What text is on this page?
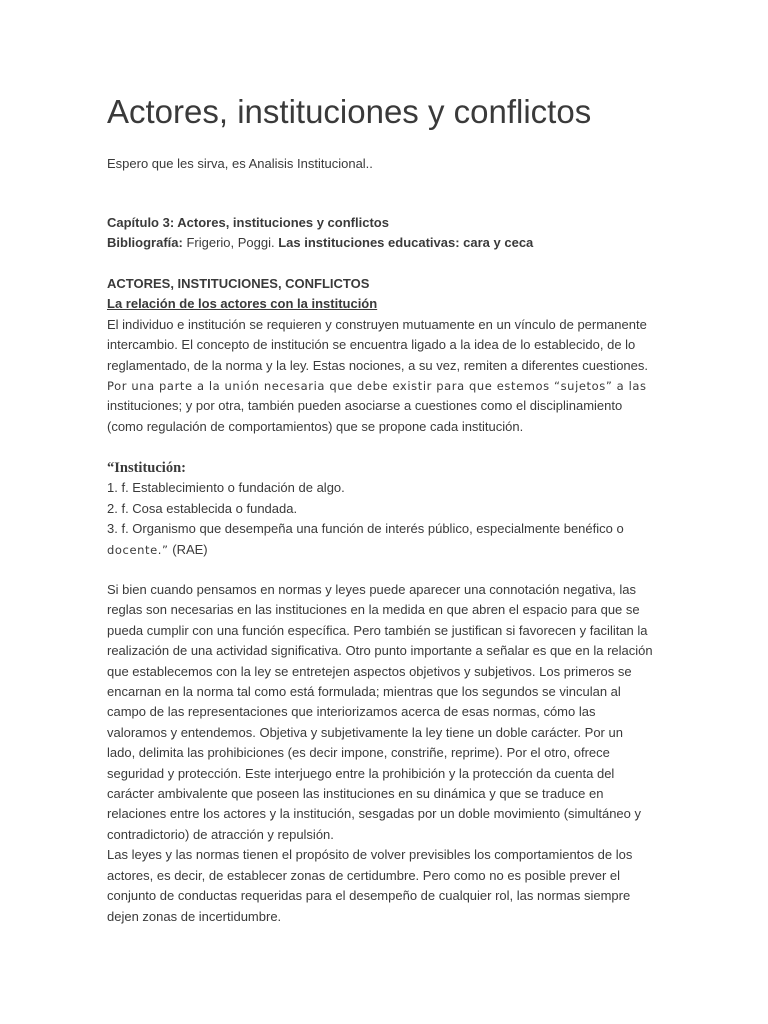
Actores, instituciones y conflictos
Espero que les sirva, es Analisis Institucional..
Capítulo 3: Actores, instituciones y conflictos
Bibliografía: Frigerio, Poggi. Las instituciones educativas: cara y ceca
ACTORES, INSTITUCIONES, CONFLICTOS
La relación de los actores con la institución
El individuo e institución se requieren y construyen mutuamente en un vínculo de permanente
intercambio. El concepto de institución se encuentra ligado a la idea de lo establecido, de lo
reglamentado, de la norma y la ley. Estas nociones, a su vez, remiten a diferentes cuestiones.
Por una parte a la unión necesaria que debe existir para que estemos “sujetos” a las
instituciones; y por otra, también pueden asociarse a cuestiones como el disciplinamiento
(como regulación de comportamientos) que se propone cada institución.
“Institución:
1. f. Establecimiento o fundación de algo.
2. f. Cosa establecida o fundada.
3. f. Organismo que desempeña una función de interés público, especialmente benéfico o
docente.” (RAE)
Si bien cuando pensamos en normas y leyes puede aparecer una connotación negativa, las
reglas son necesarias en las instituciones en la medida en que abren el espacio para que se
pueda cumplir con una función específica. Pero también se justifican si favorecen y facilitan la
realización de una actividad significativa. Otro punto importante a señalar es que en la relación
que establecemos con la ley se entretejen aspectos objetivos y subjetivos. Los primeros se
encarnan en la norma tal como está formulada; mientras que los segundos se vinculan al
campo de las representaciones que interiorizamos acerca de esas normas, cómo las
valoramos y entendemos. Objetiva y subjetivamente la ley tiene un doble carácter. Por un
lado, delimita las prohibiciones (es decir impone, constriñe, reprime). Por el otro, ofrece
seguridad y protección. Este interjuego entre la prohibición y la protección da cuenta del
carácter ambivalente que poseen las instituciones en su dinámica y que se traduce en
relaciones entre los actores y la institución, sesgadas por un doble movimiento (simultáneo y
contradictorio) de atracción y repulsión.
Las leyes y las normas tienen el propósito de volver previsibles los comportamientos de los
actores, es decir, de establecer zonas de certidumbre. Pero como no es posible prever el
conjunto de conductas requeridas para el desempeño de cualquier rol, las normas siempre
dejen zonas de incertidumbre.
